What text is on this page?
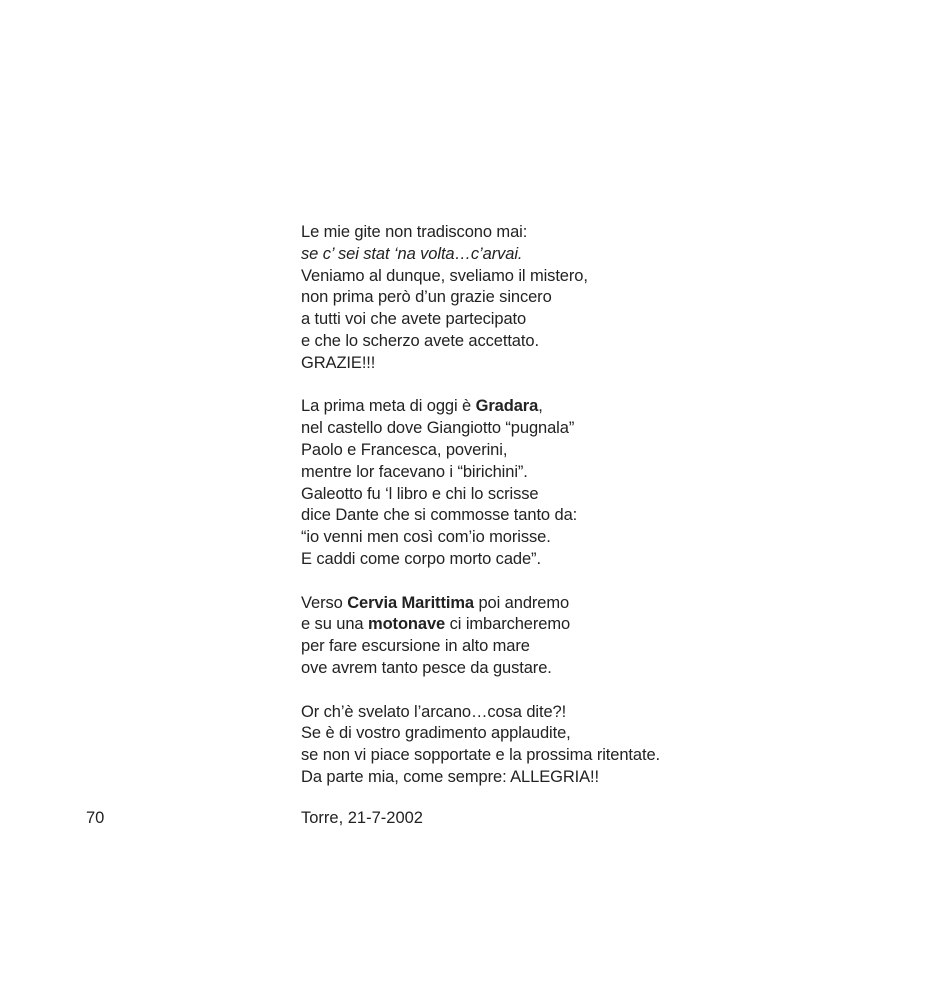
Le mie gite non tradiscono mai:
se c’ sei stat ‘na volta…c’arvai.
Veniamo al dunque, sveliamo il mistero,
non prima però d’un grazie sincero
a tutti voi che avete partecipato
e che lo scherzo avete accettato.
GRAZIE!!!
La prima meta di oggi è Gradara,
nel castello dove Giangiotto “pugnala”
Paolo e Francesca, poverini,
mentre lor facevano i “birichini”.
Galeotto fu ‘l libro e chi lo scrisse
dice Dante che si commosse tanto da:
“io venni men così com’io morisse.
E caddi come corpo morto cade”.
Verso Cervia Marittima poi andremo
e su una motonave ci imbarcheremo
per fare escursione in alto mare
ove avrem tanto pesce da gustare.
Or ch’è svelato l’arcano…cosa dite?!
Se è di vostro gradimento applaudite,
se non vi piace sopportate e la prossima ritentate.
Da parte mia, come sempre: ALLEGRIA!!
70	Torre, 21-7-2002
